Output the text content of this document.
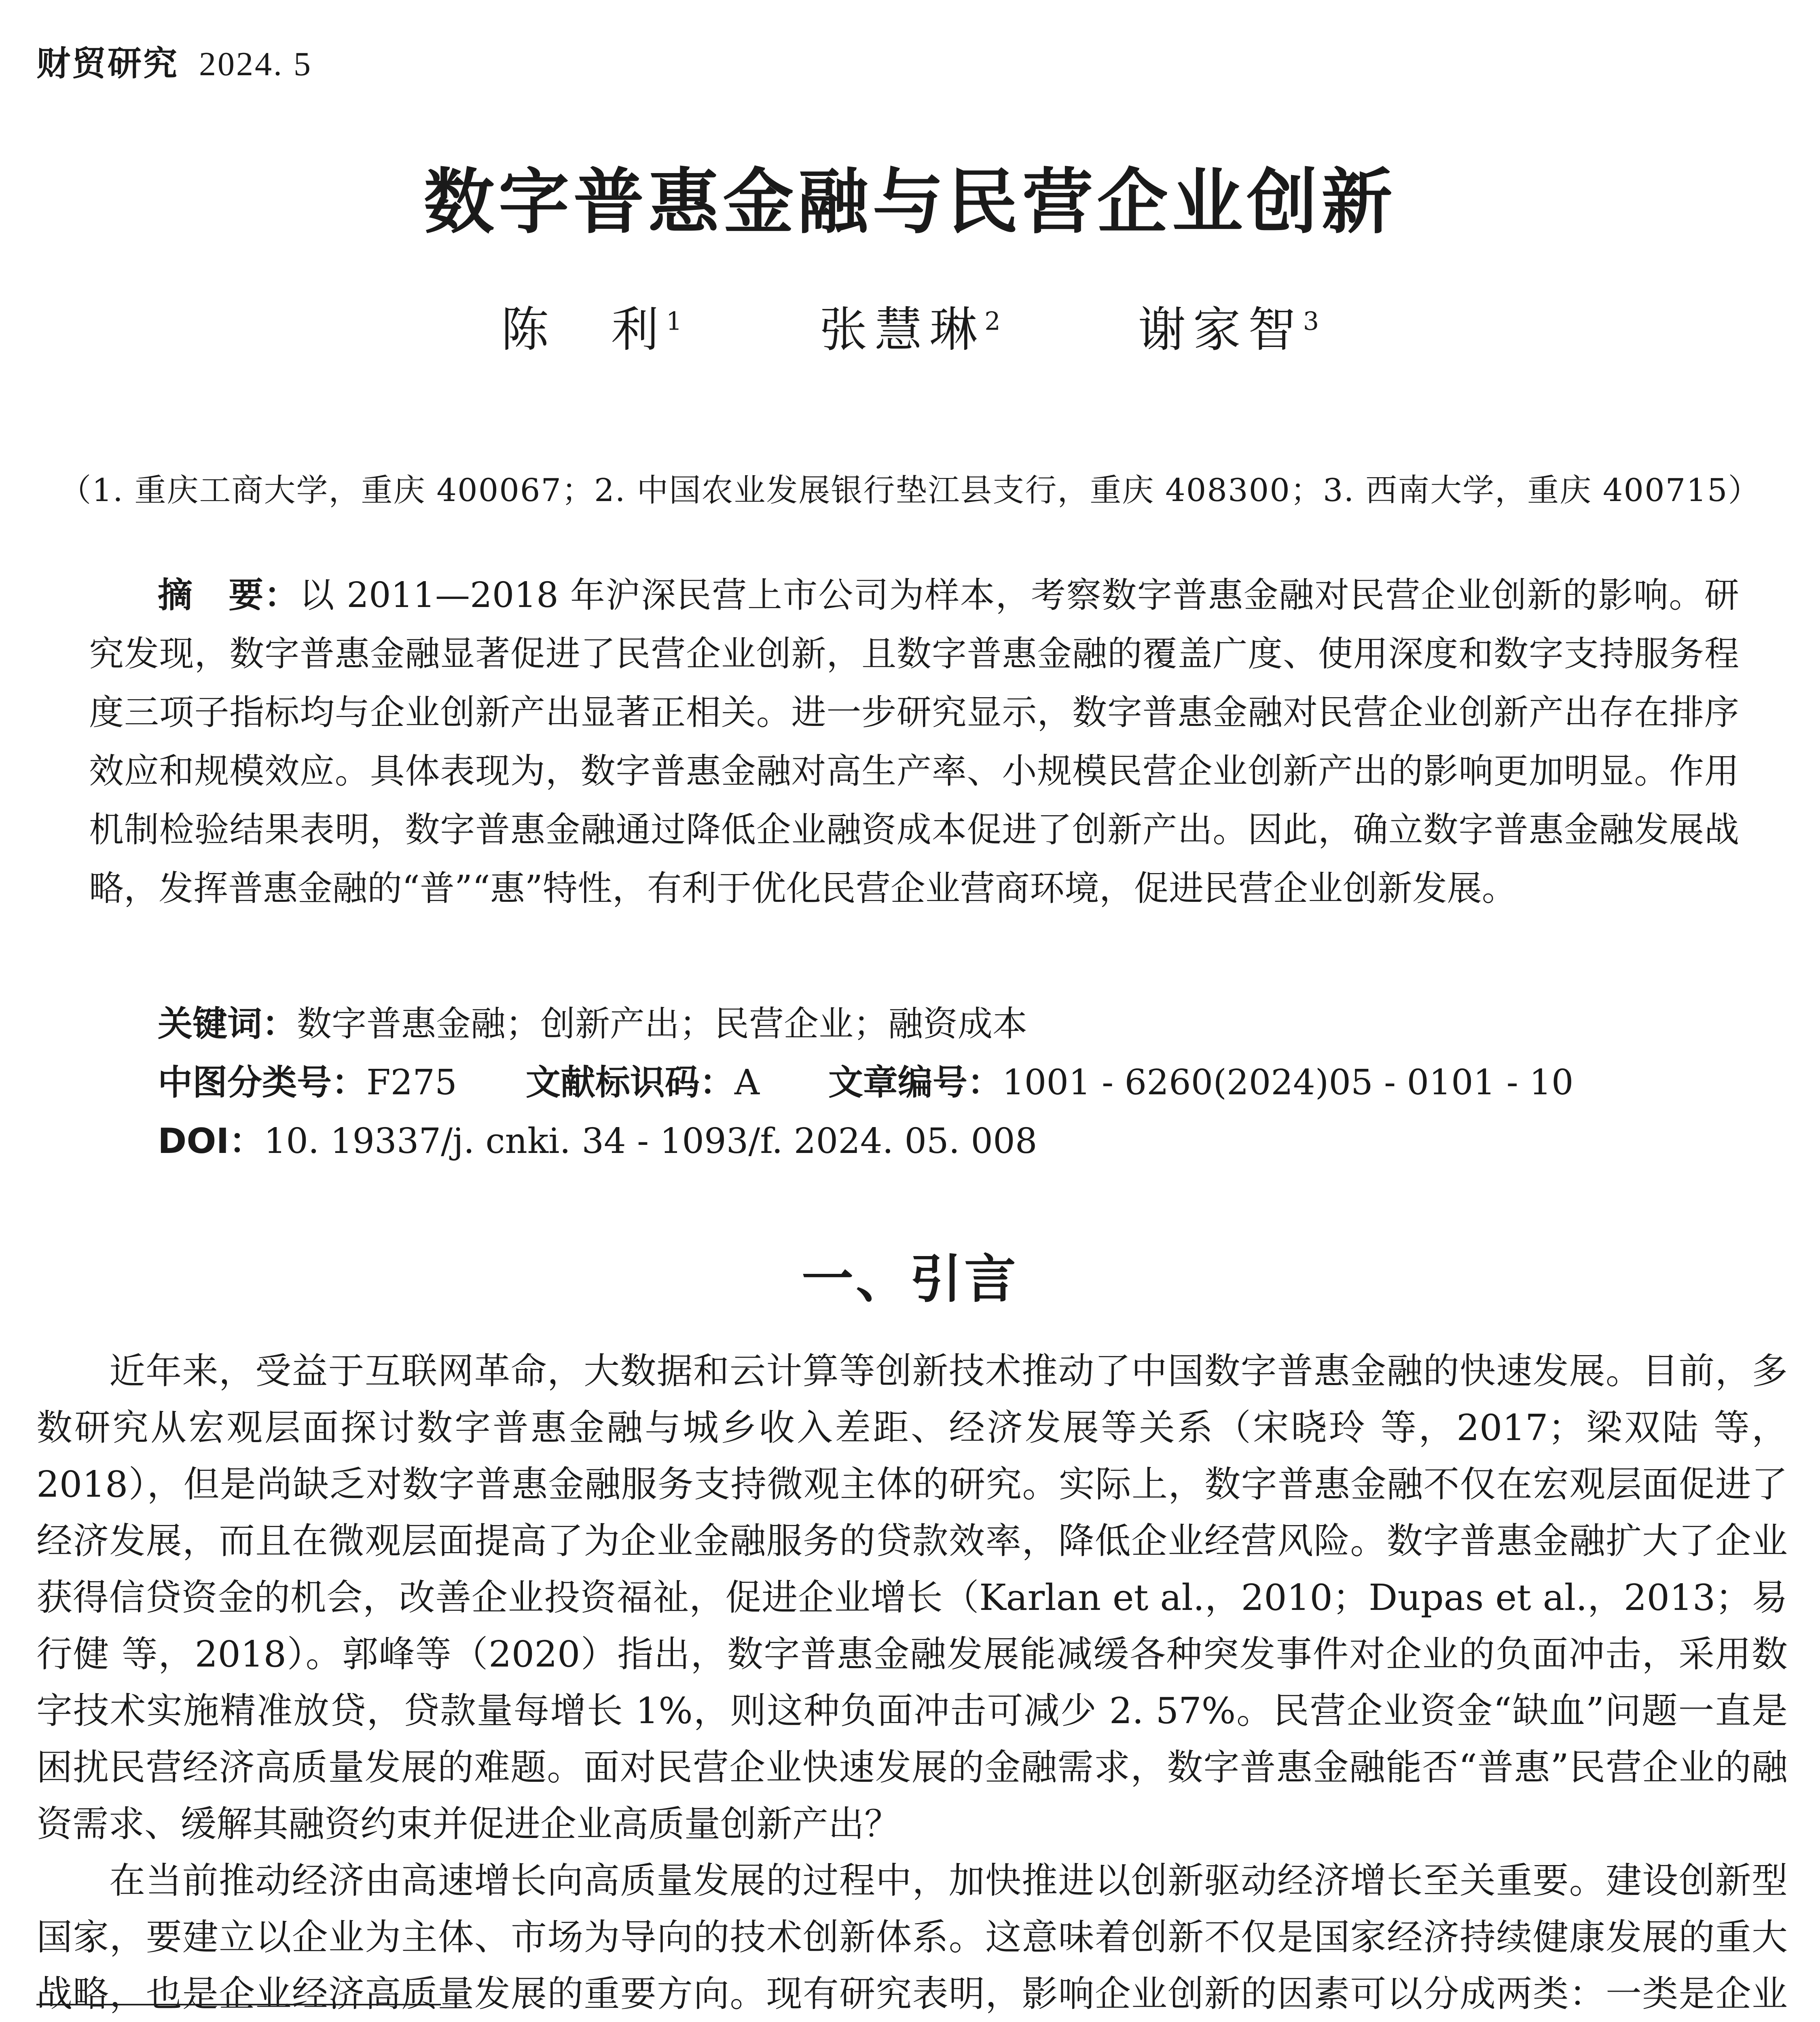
财贸研究 2024. 5
数字普惠金融与民营企业创新
陈　利$^1$	张慧琳$^2$	谢家智$^3$
（1. 重庆工商大学，重庆 400067；2. 中国农业发展银行垫江县支行，重庆 408300；3. 西南大学，重庆 400715）
摘　要：以 2011—2018 年沪深民营上市公司为样本，考察数字普惠金融对民营企业创新的影响。研究发现，数字普惠金融显著促进了民营企业创新，且数字普惠金融的覆盖广度、使用深度和数字支持服务程度三项子指标均与企业创新产出显著正相关。进一步研究显示，数字普惠金融对民营企业创新产出存在排序效应和规模效应。具体表现为，数字普惠金融对高生产率、小规模民营企业创新产出的影响更加明显。作用机制检验结果表明，数字普惠金融通过降低企业融资成本促进了创新产出。因此，确立数字普惠金融发展战略，发挥普惠金融的“普”“惠”特性，有利于优化民营企业营商环境，促进民营企业创新发展。
关键词：数字普惠金融；创新产出；民营企业；融资成本
中图分类号：F275 文献标识码：A 文章编号：1001 - 6260(2024)05 - 0101 - 10
DOI：10. 19337/j. cnki. 34 - 1093/f. 2024. 05. 008
一、引言

近年来，受益于互联网革命，大数据和云计算等创新技术推动了中国数字普惠金融的快速发展。目前，多数研究从宏观层面探讨数字普惠金融与城乡收入差距、经济发展等关系（宋晓玲 等，2017；梁双陆 等，2018），但是尚缺乏对数字普惠金融服务支持微观主体的研究。实际上，数字普惠金融不仅在宏观层面促进了经济发展，而且在微观层面提高了为企业金融服务的贷款效率，降低企业经营风险。数字普惠金融扩大了企业获得信贷资金的机会，改善企业投资福祉，促进企业增长（Karlan et al.，2010；Dupas et al.，2013；易行健 等，2018）。郭峰等（2020）指出，数字普惠金融发展能减缓各种突发事件对企业的负面冲击，采用数字技术实施精准放贷，贷款量每增长 1%，则这种负面冲击可减少 2. 57%。民营企业资金“缺血”问题一直是困扰民营经济高质量发展的难题。面对民营企业快速发展的金融需求，数字普惠金融能否“普惠”民营企业的融资需求、缓解其融资约束并促进企业高质量创新产出？

在当前推动经济由高速增长向高质量发展的过程中，加快推进以创新驱动经济增长至关重要。建设创新型国家，要建立以企业为主体、市场为导向的技术创新体系。这意味着创新不仅是国家经济持续健康发展的重大战略，也是企业经济高质量发展的重要方向。现有研究表明，影响企业创新的因素可以分成两类：一类是企业
